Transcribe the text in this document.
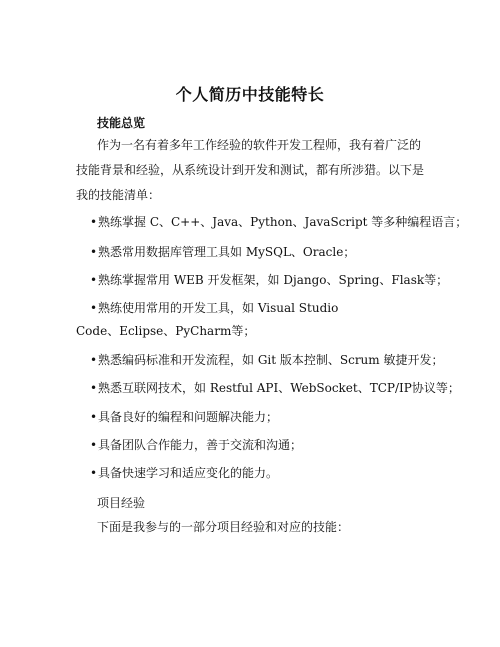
个人简历中技能特长
技能总览
作为一名有着多年工作经验的软件开发工程师，我有着广泛的技能背景和经验，从系统设计到开发和测试，都有所涉猎。以下是我的技能清单：
•熟练掌握 C、C++、Java、Python、JavaScript 等多种编程语言；
•熟悉常用数据库管理工具如 MySQL、Oracle；
•熟练掌握常用 WEB 开发框架，如 Django、Spring、Flask等；
•熟练使用常用的开发工具，如 Visual Studio
Code、Eclipse、PyCharm等；
•熟悉编码标准和开发流程，如 Git 版本控制、Scrum 敏捷开发；
•熟悉互联网技术，如 Restful API、WebSocket、TCP/IP协议等；
•具备良好的编程和问题解决能力；
•具备团队合作能力，善于交流和沟通；
•具备快速学习和适应变化的能力。
项目经验
下面是我参与的一部分项目经验和对应的技能：
